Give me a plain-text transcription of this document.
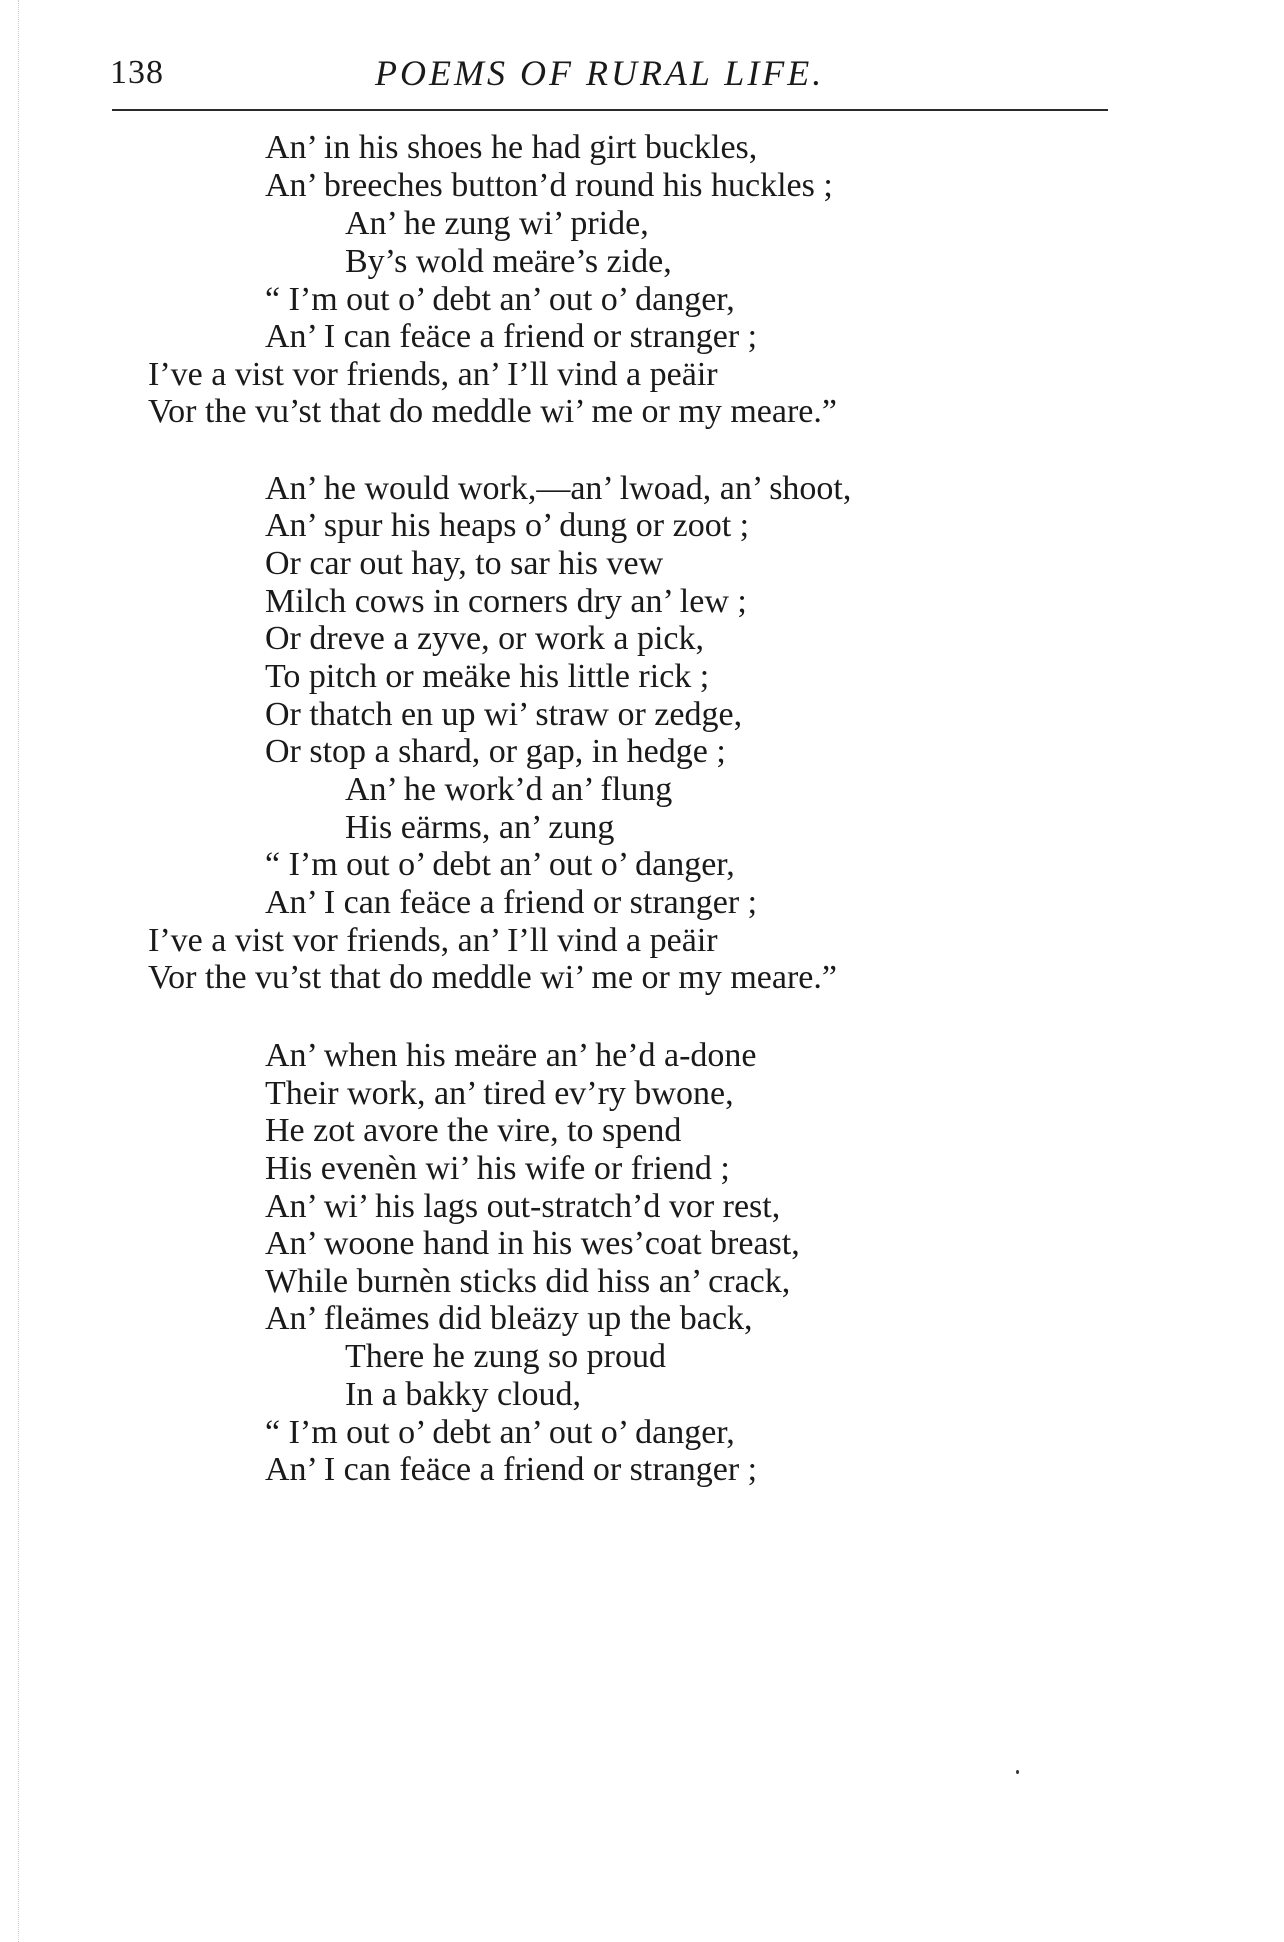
138	POEMS OF RURAL LIFE.
An’ in his shoes he had girt buckles,
An’ breeches button’d round his huckles ;
An’ he zung wi’ pride,
By’s wold meäre’s zide,
“ I’m out o’ debt an’ out o’ danger,
An’ I can feäce a friend or stranger ;
I’ve a vist vor friends, an’ I’ll vind a peäir
Vor the vu’st that do meddle wi’ me or my meare.”
An’ he would work,—an’ lwoad, an’ shoot,
An’ spur his heaps o’ dung or zoot ;
Or car out hay, to sar his vew
Milch cows in corners dry an’ lew ;
Or dreve a zyve, or work a pick,
To pitch or meäke his little rick ;
Or thatch en up wi’ straw or zedge,
Or stop a shard, or gap, in hedge ;
An’ he work’d an’ flung
His eärms, an’ zung
“ I’m out o’ debt an’ out o’ danger,
An’ I can feäce a friend or stranger ;
I’ve a vist vor friends, an’ I’ll vind a peäir
Vor the vu’st that do meddle wi’ me or my meare.”
An’ when his meäre an’ he’d a-done
Their work, an’ tired ev’ry bwone,
He zot avore the vire, to spend
His evenèn wi’ his wife or friend ;
An’ wi’ his lags out-stratch’d vor rest,
An’ woone hand in his wes’coat breast,
While burnèn sticks did hiss an’ crack,
An’ fleämes did bleäzy up the back,
There he zung so proud
In a bakky cloud,
“ I’m out o’ debt an’ out o’ danger,
An’ I can feäce a friend or stranger ;
